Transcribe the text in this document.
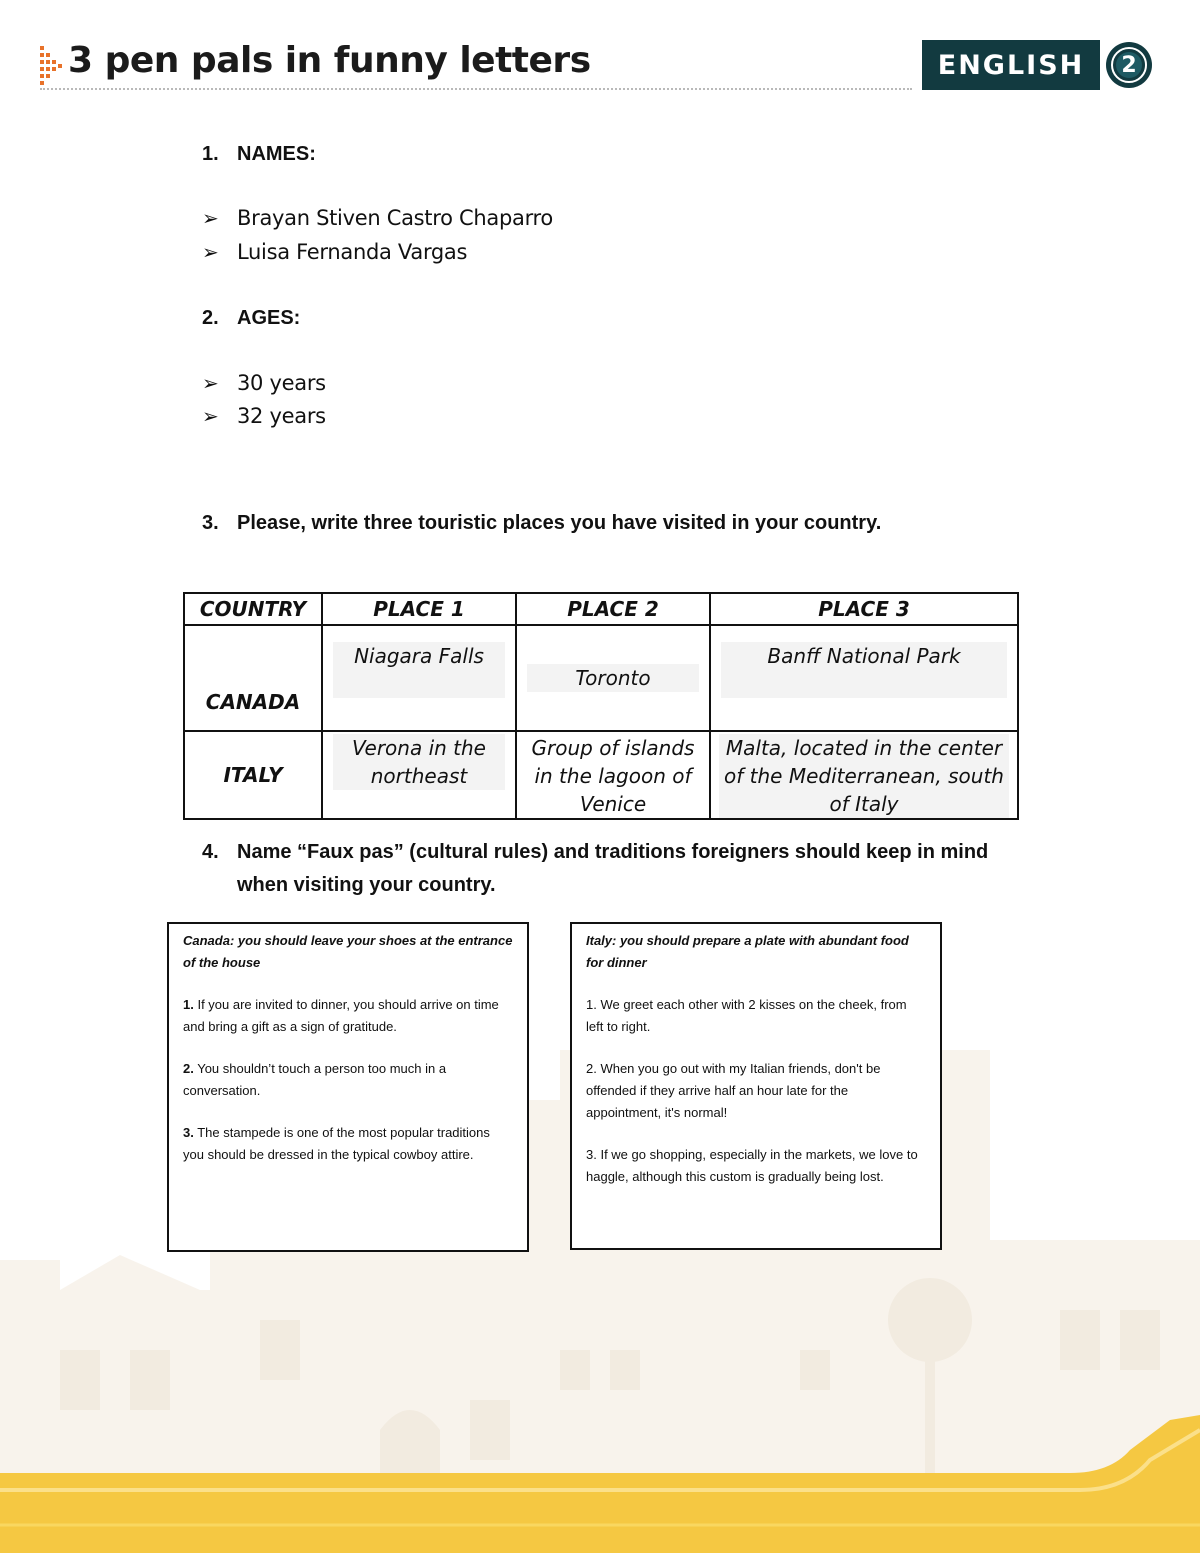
3 pen pals in funny letters	ENGLISH	2
1. NAMES:
➢ Brayan Stiven Castro Chaparro
➢ Luisa Fernanda Vargas
2. AGES:
➢ 30 years
➢ 32 years
3. Please, write three touristic places you have visited in your country.
COUNTRY	PLACE 1	PLACE 2	PLACE 3
CANADA	Niagara Falls	Toronto	Banff National Park

ITALY	Verona in the northeast	Group of islands in the lagoon of Venice	Malta, located in the center of the Mediterranean, south of Italy
4. Name “Faux pas” (cultural rules) and traditions foreigners should keep in mind
when visiting your country.

Canada: you should leave your shoes at the entrance of the house

1. If you are invited to dinner, you should arrive on time and bring a gift as a sign of gratitude.

2. You shouldn’t touch a person too much in a conversation.

3. The stampede is one of the most popular traditions you should be dressed in the typical cowboy attire.

Italy: you should prepare a plate with abundant food for dinner

1. We greet each other with 2 kisses on the cheek, from left to right.

2. When you go out with my Italian friends, don't be offended if they arrive half an hour late for the appointment, it's normal!

3. If we go shopping, especially in the markets, we love to haggle, although this custom is gradually being lost.
